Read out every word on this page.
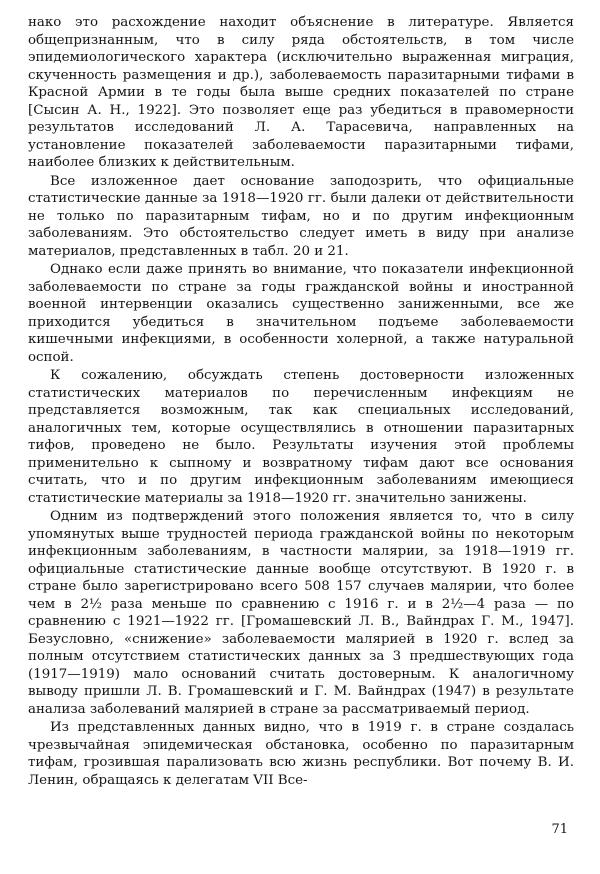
нако это расхождение находит объяснение в литературе. Является общепризнанным, что в силу ряда обстоятельств, в том числе эпидемиологического характера (исключительно выраженная миграция, скученность размещения и др.), заболеваемость паразитарными тифами в Красной Армии в те годы была выше средних показателей по стране [Сысин А. Н., 1922]. Это позволяет еще раз убедиться в правомерности результатов исследований Л. А. Тарасевича, направленных на установление показателей заболеваемости паразитарными тифами, наиболее близких к действительным.

Все изложенное дает основание заподозрить, что официальные статистические данные за 1918—1920 гг. были далеки от действительности не только по паразитарным тифам, но и по другим инфекционным заболеваниям. Это обстоятельство следует иметь в виду при анализе материалов, представленных в табл. 20 и 21.

Однако если даже принять во внимание, что показатели инфекционной заболеваемости по стране за годы гражданской войны и иностранной военной интервенции оказались существенно заниженными, все же приходится убедиться в значительном подъеме заболеваемости кишечными инфекциями, в особенности холерной, а также натуральной оспой.

К сожалению, обсуждать степень достоверности изложенных статистических материалов по перечисленным инфекциям не представляется возможным, так как специальных исследований, аналогичных тем, которые осуществлялись в отношении паразитарных тифов, проведено не было. Результаты изучения этой проблемы применительно к сыпному и возвратному тифам дают все основания считать, что и по другим инфекционным заболеваниям имеющиеся статистические материалы за 1918—1920 гг. значительно занижены.

Одним из подтверждений этого положения является то, что в силу упомянутых выше трудностей периода гражданской войны по некоторым инфекционным заболеваниям, в частности малярии, за 1918—1919 гг. официальные статистические данные вообще отсутствуют. В 1920 г. в стране было зарегистрировано всего 508 157 случаев малярии, что более чем в 2½ раза меньше по сравнению с 1916 г. и в 2½—4 раза — по сравнению с 1921—1922 гг. [Громашевский Л. В., Вайндрах Г. М., 1947]. Безусловно, «снижение» заболеваемости малярией в 1920 г. вслед за полным отсутствием статистических данных за 3 предшествующих года (1917—1919) мало оснований считать достоверным. К аналогичному выводу пришли Л. В. Громашевский и Г. М. Вайндрах (1947) в результате анализа заболеваний малярией в стране за рассматриваемый период.

Из представленных данных видно, что в 1919 г. в стране создалась чрезвычайная эпидемическая обстановка, особенно по паразитарным тифам, грозившая парализовать всю жизнь республики. Вот почему В. И. Ленин, обращаясь к делегатам VII Все-

71
